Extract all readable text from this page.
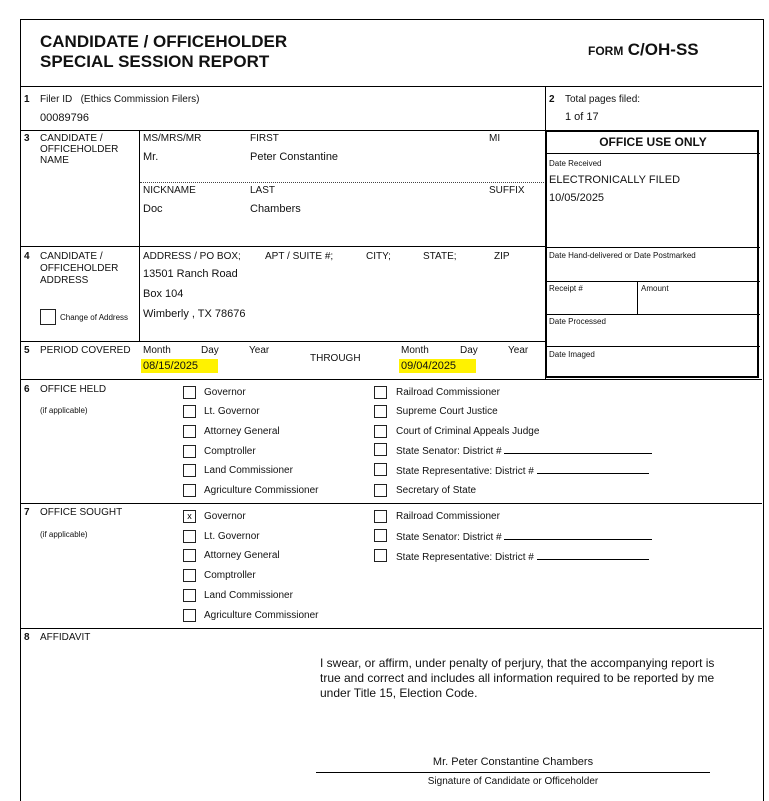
CANDIDATE / OFFICEHOLDER
SPECIAL SESSION REPORT
FORM C/OH-SS
1 Filer ID (Ethics Commission Filers)
00089796
2 Total pages filed:
1 of 17
3 CANDIDATE / OFFICEHOLDER NAME
MS/MRS/MR
Mr.
FIRST
Peter Constantine
MI
NICKNAME
Doc
LAST
Chambers
SUFFIX
OFFICE USE ONLY
Date Received
ELECTRONICALLY FILED
10/05/2025
Date Hand-delivered or Date Postmarked
Receipt #	Amount
Date Processed
Date Imaged
4 CANDIDATE / OFFICEHOLDER ADDRESS
ADDRESS / PO BOX; APT / SUITE #;	CITY;	STATE;	ZIP
13501 Ranch Road
Box 104
Wimberly , TX 78676
Change of Address
5 PERIOD COVERED Month	Day	Year
08/15/2025
THROUGH
Month	Day	Year
09/04/2025
6 OFFICE HELD
(if applicable)
Governor
Lt. Governor
Attorney General
Comptroller
Land Commissioner
Agriculture Commissioner
Railroad Commissioner
Supreme Court Justice
Court of Criminal Appeals Judge
State Senator: District #
State Representative: District #
Secretary of State
7 OFFICE SOUGHT
(if applicable)
x	Governor
Lt. Governor
Attorney General
Comptroller
Land Commissioner
Agriculture Commissioner
Railroad Commissioner
State Senator: District #
State Representative: District #
8 AFFIDAVIT
I swear, or affirm, under penalty of perjury, that the accompanying report is true and correct and includes all information required to be reported by me under Title 15, Election Code.
Mr. Peter Constantine Chambers
Signature of Candidate or Officeholder
